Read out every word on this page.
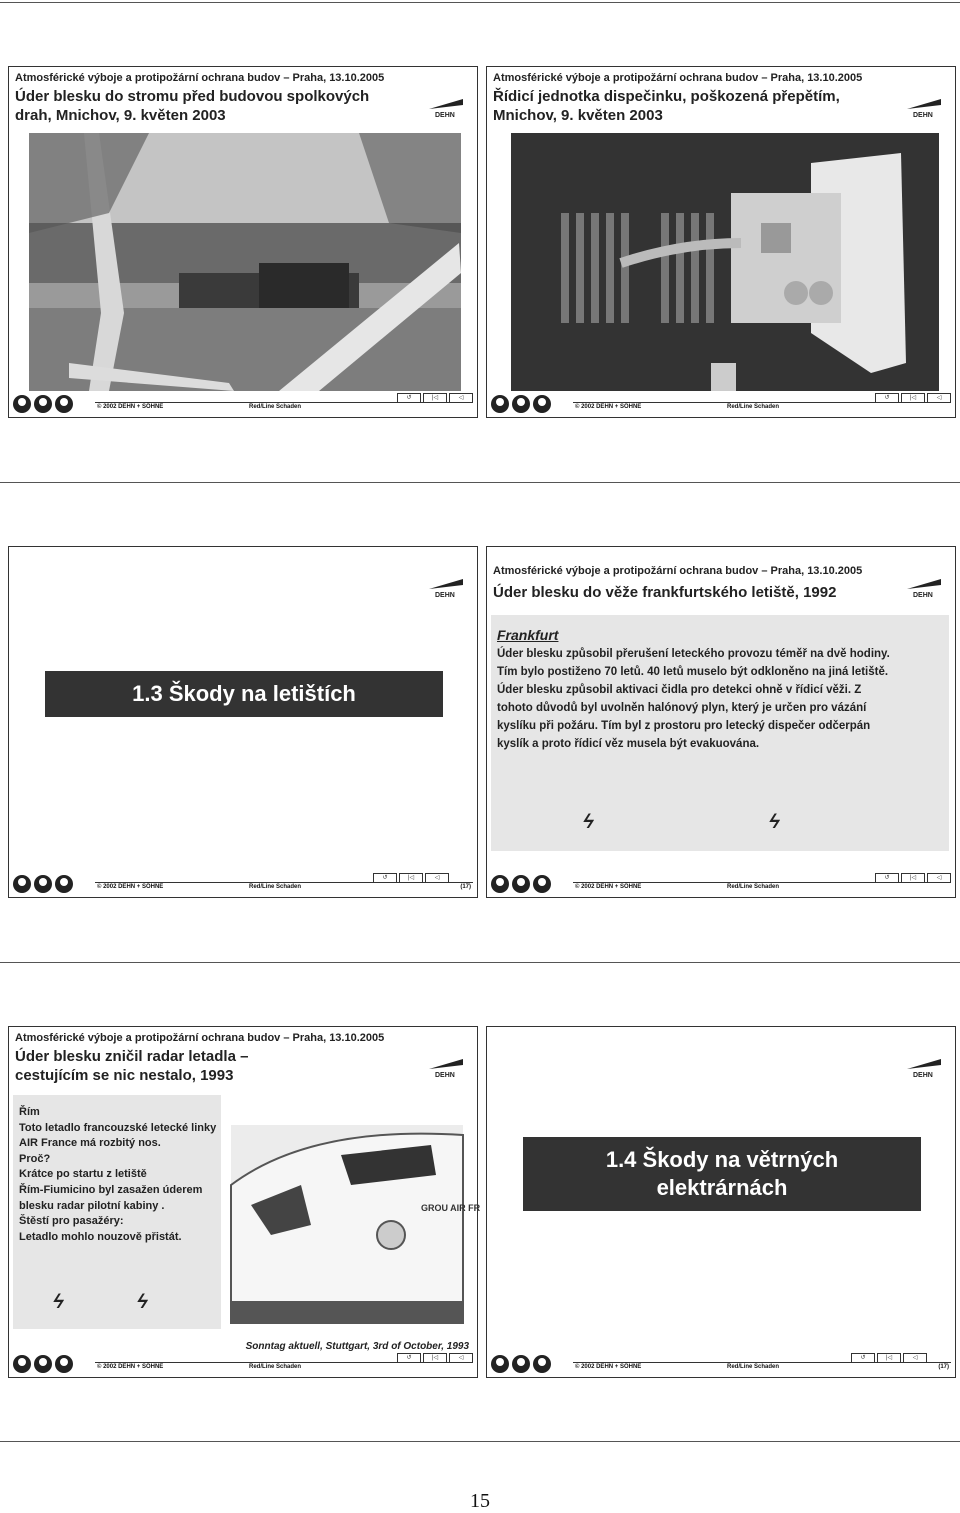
Atmosférické výboje a protipožární ochrana budov – Praha, 13.10.2005
Úder blesku do stromu před budovou spolkových drah, Mnichov, 9. květen 2003	DEHN
© 2002 DEHN + SÖHNE	Red/Line Schaden
↺	|◁	◁
Atmosférické výboje a protipožární ochrana budov – Praha, 13.10.2005
Řídicí jednotka dispečinku, poškozená přepětím, Mnichov, 9. květen 2003	DEHN
© 2002 DEHN + SÖHNE	Red/Line Schaden
↺	|◁	◁
DEHN
1.3 Škody na letištích
© 2002 DEHN + SÖHNE	Red/Line Schaden	(17)
↺	|◁	◁
Atmosférické výboje a protipožární ochrana budov – Praha, 13.10.2005
Úder blesku do věže frankfurtského letiště, 1992	DEHN
Frankfurt
Úder blesku způsobil přerušení leteckého provozu téměř na dvě hodiny.
Tím bylo postiženo 70 letů. 40 letů muselo být odkloněno na jiná letiště.
Úder blesku způsobil aktivaci čidla pro detekci ohně v řídicí věži. Z
tohoto důvodů byl uvolněn halónový plyn, který je určen pro vázání
kyslíku při požáru. Tím byl z prostoru pro letecký dispečer odčerpán
kyslík a proto řídicí věz musela být evakuována.
ϟ	ϟ
© 2002 DEHN + SÖHNE	Red/Line Schaden
↺	|◁	◁
Atmosférické výboje a protipožární ochrana budov – Praha, 13.10.2005
Úder blesku zničil radar letadla –
cestujícím se nic nestalo, 1993	DEHN
Řím
Toto letadlo francouzské letecké linky
AIR France má rozbitý nos.
Proč?
Krátce po startu z letiště
Řím-Fiumicino byl zasažen úderem
blesku radar pilotní kabiny .
Štěstí pro pasažéry:
Letadlo mohlo nouzově přistát.
ϟ	ϟ
GROU AIR FR
Sonntag aktuell, Stuttgart, 3rd of October, 1993
© 2002 DEHN + SÖHNE	Red/Line Schaden
↺	|◁	◁
DEHN
1.4 Škody na větrných
elektrárnách
© 2002 DEHN + SÖHNE	Red/Line Schaden	(17)
↺	|◁	◁
15
